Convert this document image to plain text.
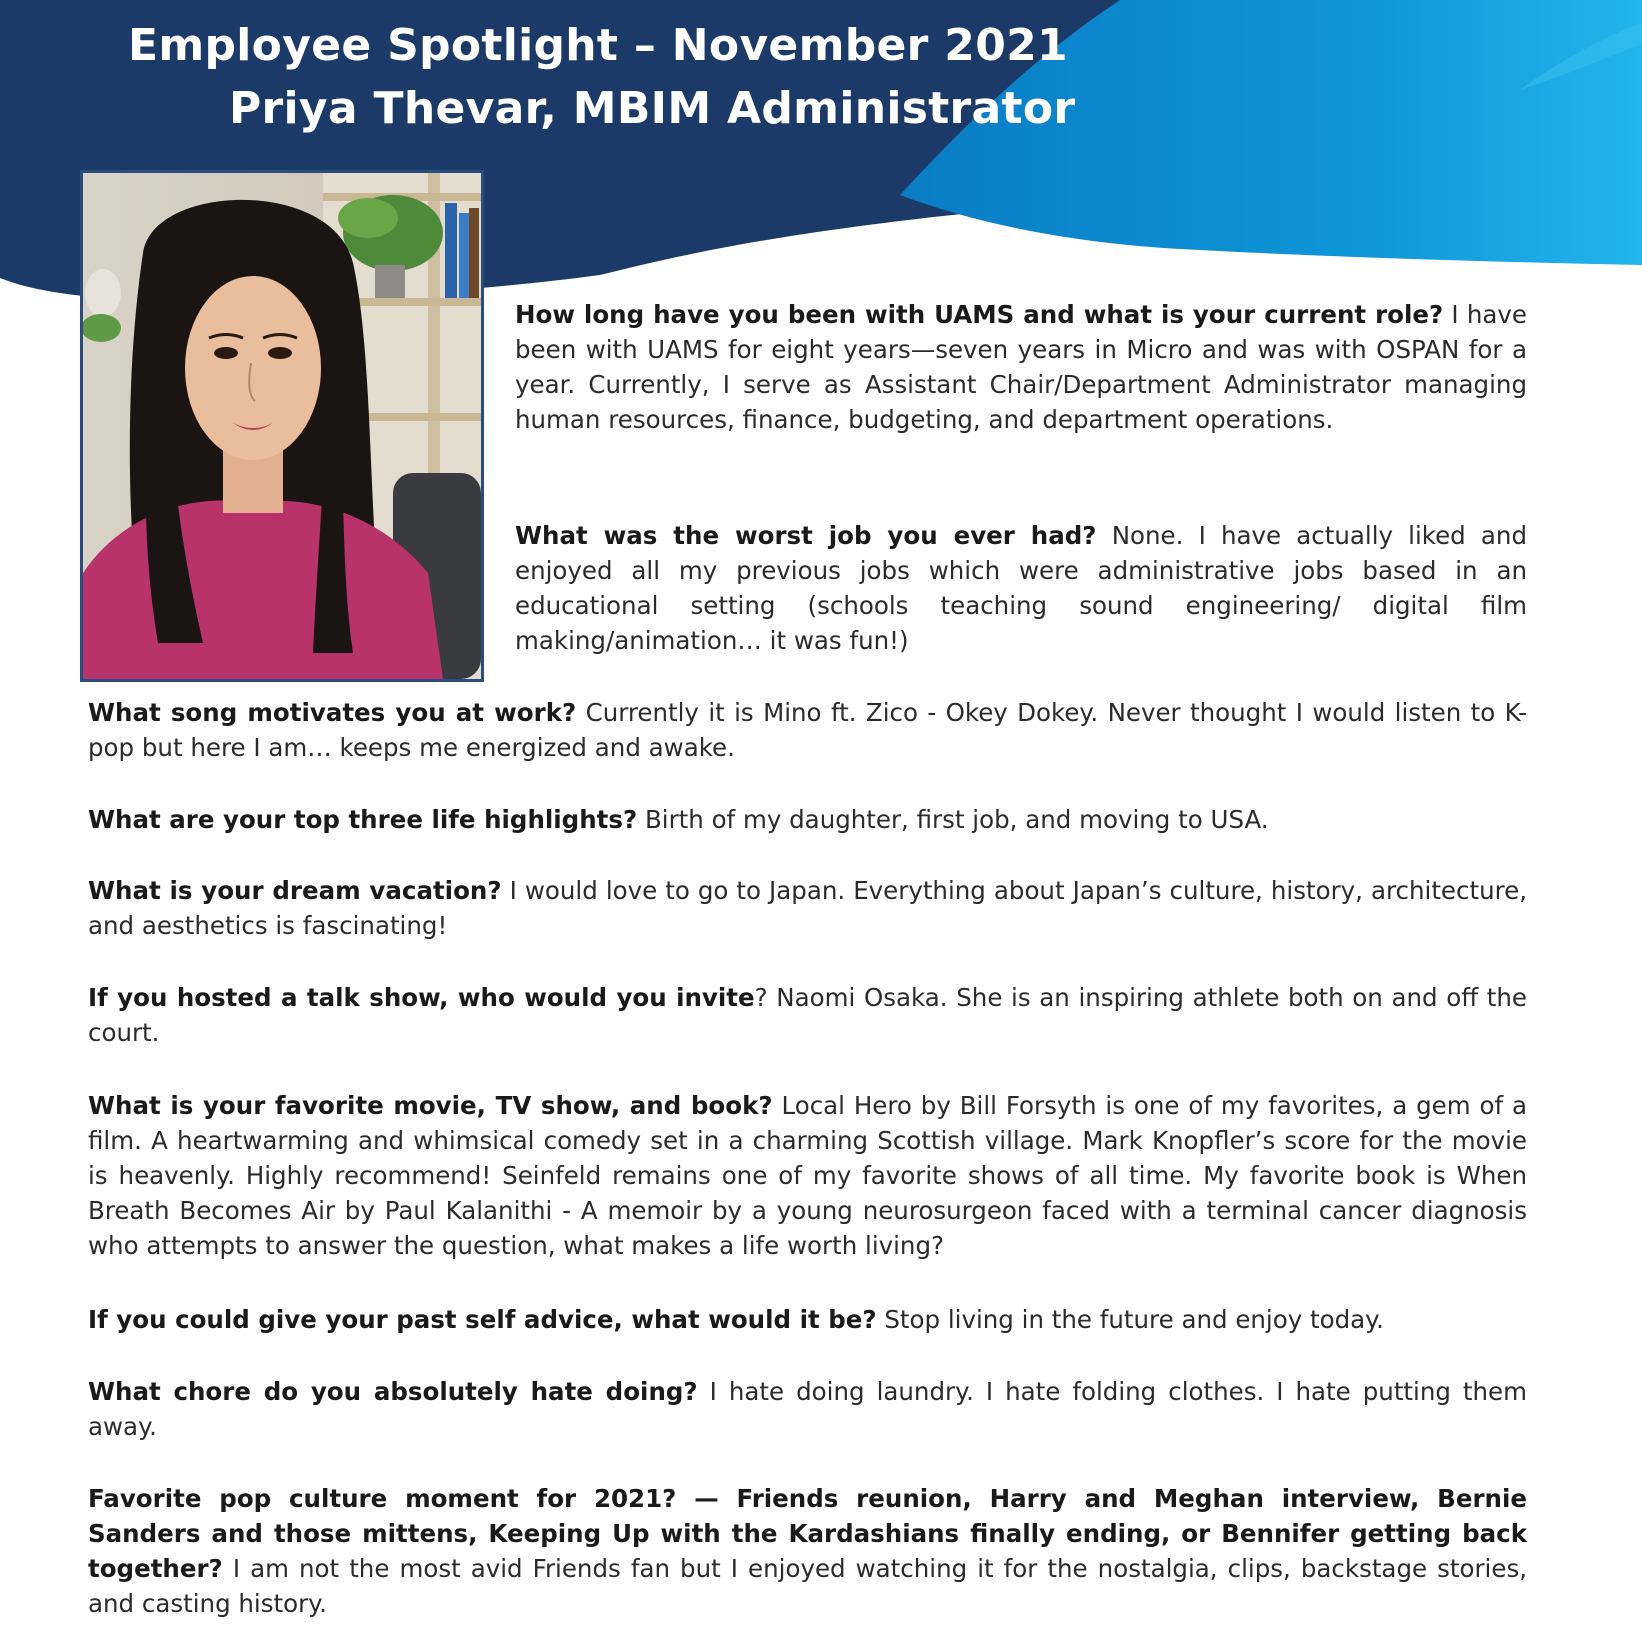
Employee Spotlight – November 2021
Priya Thevar, MBIM Administrator

How long have you been with UAMS and what is your current role? I have been with UAMS for eight years—seven years in Micro and was with OSPAN for a year. Currently, I serve as Assistant Chair/Department Administrator managing human resources, finance, budgeting, and department operations.

What was the worst job you ever had? None. I have actually liked and enjoyed all my previous jobs which were administrative jobs based in an educational setting (schools teaching sound engineering/ digital film making/animation… it was fun!)

What song motivates you at work? Currently it is Mino ft. Zico - Okey Dokey. Never thought I would listen to K-pop but here I am… keeps me energized and awake.

What are your top three life highlights? Birth of my daughter, first job, and moving to USA.

What is your dream vacation? I would love to go to Japan. Everything about Japan’s culture, history, architecture, and aesthetics is fascinating!

If you hosted a talk show, who would you invite? Naomi Osaka. She is an inspiring athlete both on and off the court.

What is your favorite movie, TV show, and book? Local Hero by Bill Forsyth is one of my favorites, a gem of a film. A heartwarming and whimsical comedy set in a charming Scottish village. Mark Knopfler’s score for the movie is heavenly. Highly recommend! Seinfeld remains one of my favorite shows of all time. My favorite book is When Breath Becomes Air by Paul Kalanithi - A memoir by a young neurosurgeon faced with a terminal cancer diagnosis who attempts to answer the question, what makes a life worth living?

If you could give your past self advice, what would it be? Stop living in the future and enjoy today.

What chore do you absolutely hate doing? I hate doing laundry. I hate folding clothes. I hate putting them away.

Favorite pop culture moment for 2021? — Friends reunion, Harry and Meghan interview, Bernie Sanders and those mittens, Keeping Up with the Kardashians finally ending, or Bennifer getting back together? I am not the most avid Friends fan but I enjoyed watching it for the nostalgia, clips, backstage stories, and casting history.
